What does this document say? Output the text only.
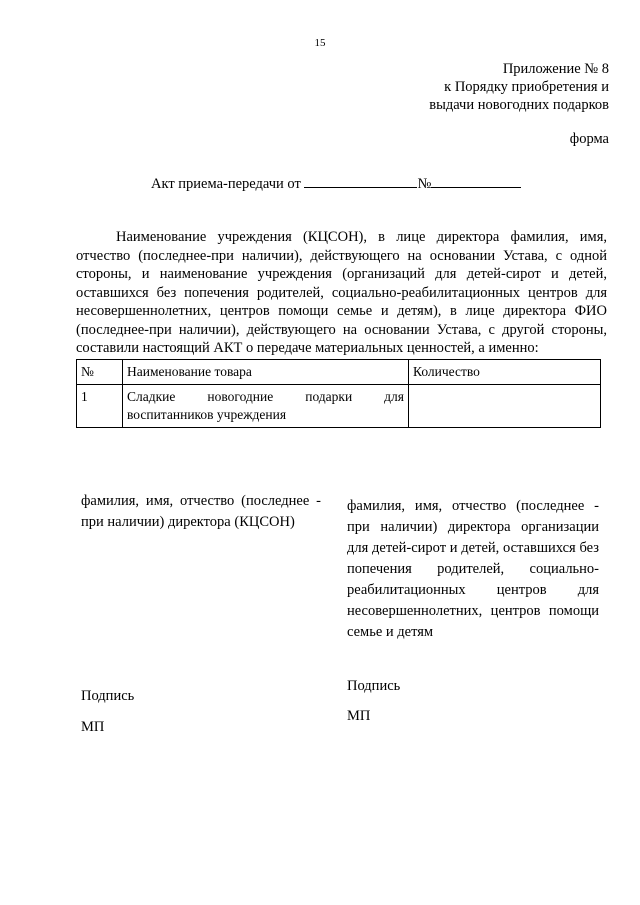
15
Приложение № 8
к Порядку приобретения и
выдачи новогодних подарков
форма
Акт приема-передачи от	№
Наименование учреждения (КЦСОН), в лице директора фамилия, имя, отчество (последнее-при наличии), действующего на основании Устава, с одной стороны, и наименование учреждения (организаций для детей-сирот и детей, оставшихся без попечения родителей, социально-реабилитационных центров для несовершеннолетних, центров помощи семье и детям), в лице директора ФИО (последнее-при наличии), действующего на основании Устава, с другой стороны, составили настоящий АКТ о передаче материальных ценностей, а именно:
№	Наименование товара	Количество
1	Сладкие новогодние подарки для воспитанников учреждения	
фамилия, имя, отчество (последнее - при наличии) директора (КЦСОН)
фамилия, имя, отчество (последнее - при наличии) директора организации для детей-сирот и детей, оставшихся без попечения родителей, социально-реабилитационных центров для несовершеннолетних, центров помощи семье и детям
Подпись
МП
Подпись
МП
